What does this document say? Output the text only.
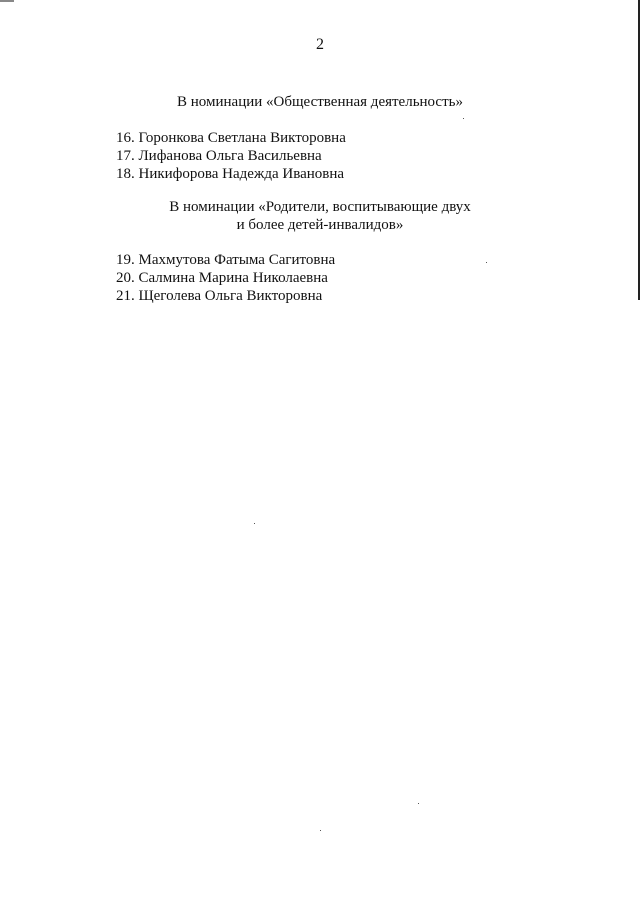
2
В номинации «Общественная деятельность»
16. Горонкова Светлана Викторовна
17. Лифанова Ольга Васильевна
18. Никифорова Надежда Ивановна
В номинации «Родители, воспитывающие двух
и более детей-инвалидов»
19. Махмутова Фатыма Сагитовна
20. Салмина Марина Николаевна
21. Щеголева Ольга Викторовна
